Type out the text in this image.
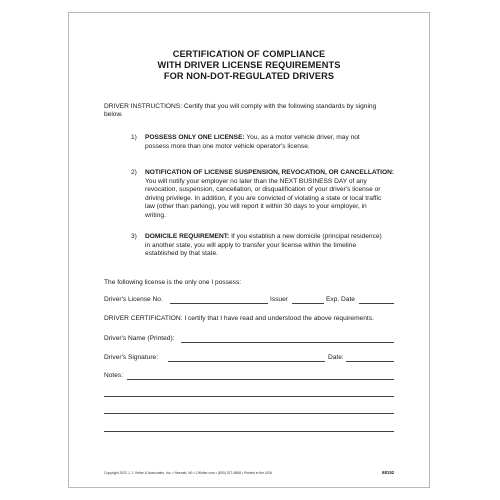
CERTIFICATION OF COMPLIANCE
WITH DRIVER LICENSE REQUIREMENTS
FOR NON-DOT-REGULATED DRIVERS
DRIVER INSTRUCTIONS: Certify that you will comply with the following standards by signing
below.
1) POSSESS ONLY ONE LICENSE: You, as a motor vehicle driver, may not
possess more than one motor vehicle operator's license.
2) NOTIFICATION OF LICENSE SUSPENSION, REVOCATION, OR CANCELLATION:
You will notify your employer no later than the NEXT BUSINESS DAY of any
revocation, suspension, cancellation, or disqualification of your driver's license or
driving privilege. In addition, if you are convicted of violating a state or local traffic
law (other than parking), you will report it within 30 days to your employer, in
writing.
3) DOMICILE REQUIREMENT: If you establish a new domicile (principal residence)
in another state, you will apply to transfer your license within the timeline
established by that state.
The following license is the only one I possess:
Driver's License No.	Issuer	Exp. Date
DRIVER CERTIFICATION: I certify that I have read and understood the above requirements.
Driver's Name (Printed):
Driver's Signature:	Date:
Notes:
Copyright 2022 J. J. Keller & Associates, Inc. • Neenah, WI • JJKeller.com • (800) 327-6868 • Printed in the USA	68152
